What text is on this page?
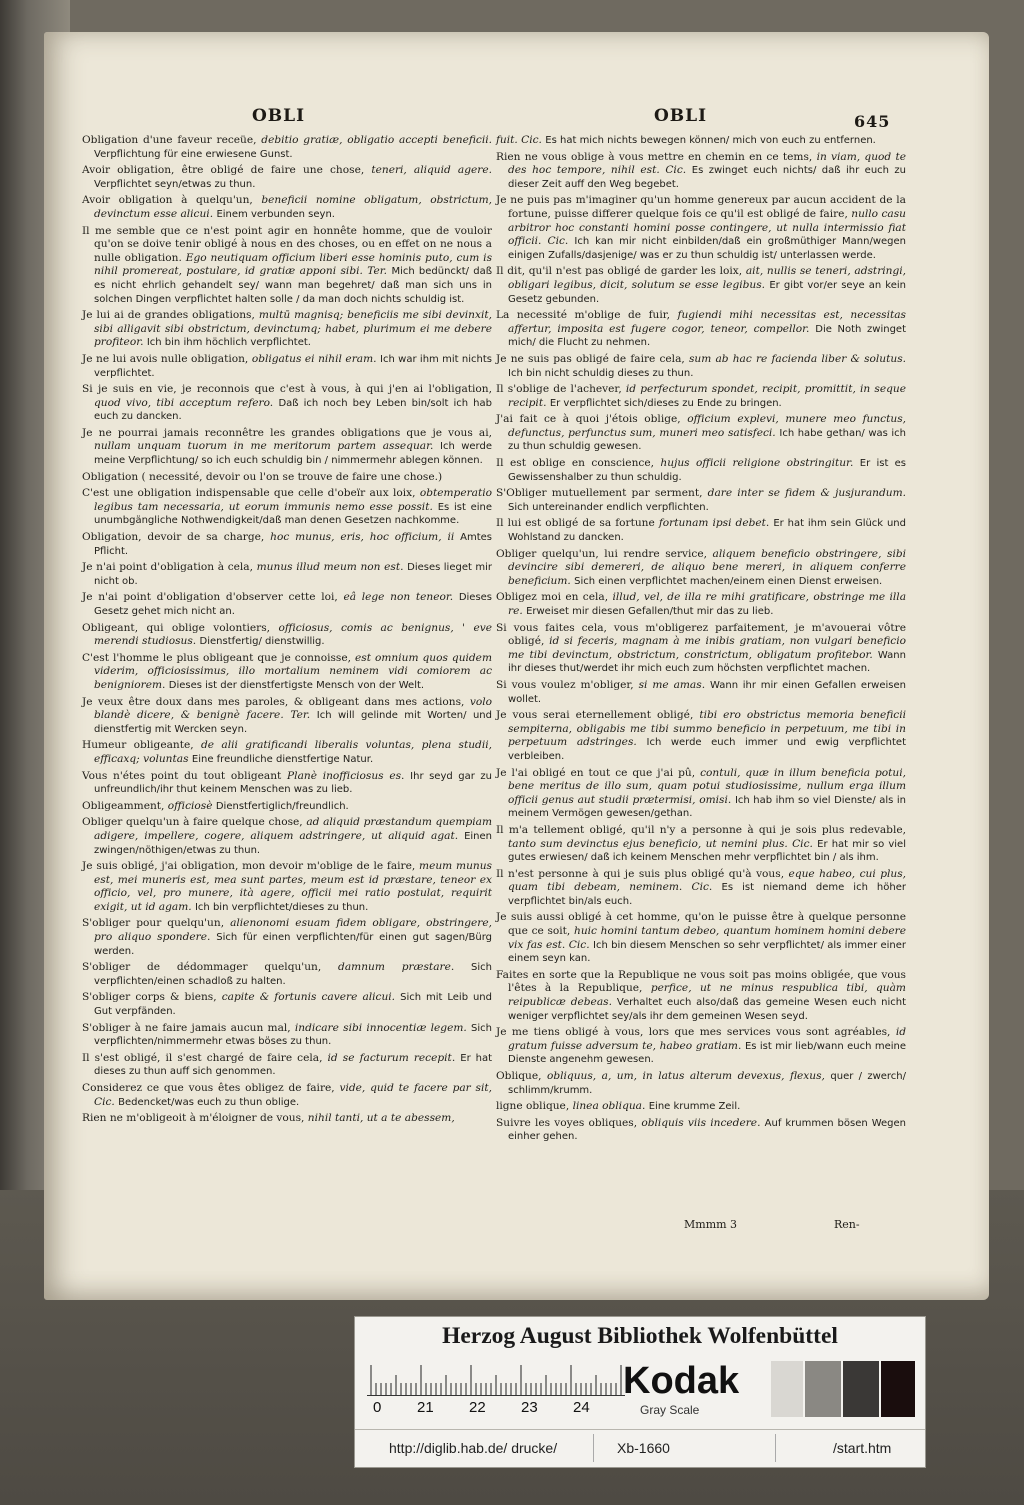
OBLI	OBLI	645

Obligation d'une faveur receüe, debitio gratiæ, obligatio accepti beneficii. Verpflichtung für eine erwiesene Gunst.

Avoir obligation, être obligé de faire une chose, teneri, aliquid agere. Verpflichtet seyn/etwas zu thun.

Avoir obligation à quelqu'un, beneficii nomine obligatum, obstrictum, devinctum esse alicui. Einem verbunden seyn.

Il me semble que ce n'est point agir en honnête homme, que de vouloir qu'on se doive tenir obligé à nous en des choses, ou en effet on ne nous a nulle obligation. Ego neutiquam officium liberi esse hominis puto, cum is nihil promereat, postulare, id gratiæ apponi sibi. Ter. Mich bedünckt/ daß es nicht ehrlich gehandelt sey/ wann man begehret/ daß man sich uns in solchen Dingen verpflichtet halten solle / da man doch nichts schuldig ist.

Je lui ai de grandes obligations, multū magnisq; beneficiis me sibi devinxit, sibi alligavit sibi obstrictum, devinctumq; habet, plurimum ei me debere profiteor. Ich bin ihm höchlich verpflichtet.

Je ne lui avois nulle obligation, obligatus ei nihil eram. Ich war ihm mit nichts verpflichtet.

Si je suis en vie, je reconnois que c'est à vous, à qui j'en ai l'obligation, quod vivo, tibi acceptum refero. Daß ich noch bey Leben bin/solt ich hab euch zu dancken.

Je ne pourrai jamais reconnêtre les grandes obligations que je vous ai, nullam unquam tuorum in me meritorum partem assequar. Ich werde meine Verpflichtung/ so ich euch schuldig bin / nimmermehr ablegen können.

Obligation ( necessité, devoir ou l'on se trouve de faire une chose.)

C'est une obligation indispensable que celle d'obeïr aux loix, obtemperatio legibus tam necessaria, ut eorum immunis nemo esse possit. Es ist eine unumbgängliche Nothwendigkeit/daß man denen Gesetzen nachkomme.

Obligation, devoir de sa charge, hoc munus, eris, hoc officium, ii Amtes Pflicht.

Je n'ai point d'obligation à cela, munus illud meum non est. Dieses lieget mir nicht ob.

Je n'ai point d'obligation d'observer cette loi, eâ lege non teneor. Dieses Gesetz gehet mich nicht an.

Obligeant, qui oblige volontiers, officiosus, comis ac benignus, ' eve merendi studiosus. Dienstfertig/ dienstwillig.

C'est l'homme le plus obligeant que je connoisse, est omnium quos quidem viderim, officiosissimus, illo mortalium neminem vidi comiorem ac benigniorem. Dieses ist der dienstfertigste Mensch von der Welt.

Je veux être doux dans mes paroles, & obligeant dans mes actions, volo blandè dicere, & benignè facere. Ter. Ich will gelinde mit Worten/ und dienstfertig mit Wercken seyn.

Humeur obligeante, de alii gratificandi liberalis voluntas, plena studii, efficaxq; voluntas Eine freundliche dienstfertige Natur.

Vous n'étes point du tout obligeant Planè inofficiosus es. Ihr seyd gar zu unfreundlich/ihr thut keinem Menschen was zu lieb.

Obligeamment, officiosè Dienstfertiglich/freundlich.

Obliger quelqu'un à faire quelque chose, ad aliquid præstandum quempiam adigere, impellere, cogere, aliquem adstringere, ut aliquid agat. Einen zwingen/nöthigen/etwas zu thun.

Je suis obligé, j'ai obligation, mon devoir m'oblige de le faire, meum munus est, mei muneris est, mea sunt partes, meum est id præstare, teneor ex officio, vel, pro munere, ità agere, officii mei ratio postulat, requirit exigit, ut id agam. Ich bin verpflichtet/dieses zu thun.

S'obliger pour quelqu'un, alienonomi esuam fidem obligare, obstringere, pro aliquo spondere. Sich für einen verpflichten/für einen gut sagen/Bürg werden.

S'obliger de dédommager quelqu'un, damnum præstare. Sich verpflichten/einen schadloß zu halten.

S'obliger corps & biens, capite & fortunis cavere alicui. Sich mit Leib und Gut verpfänden.

S'obliger à ne faire jamais aucun mal, indicare sibi innocentiæ legem. Sich verpflichten/nimmermehr etwas böses zu thun.

Il s'est obligé, il s'est chargé de faire cela, id se facturum recepit. Er hat dieses zu thun auff sich genommen.

Considerez ce que vous êtes obligez de faire, vide, quid te facere par sit, Cic. Bedencket/was euch zu thun oblige.

Rien ne m'obligeoit à m'éloigner de vous, nihil tanti, ut a te abessem,

fuit. Cic. Es hat mich nichts bewegen können/ mich von euch zu entfernen.

Rien ne vous oblige à vous mettre en chemin en ce tems, in viam, quod te des hoc tempore, nihil est. Cic. Es zwinget euch nichts/ daß ihr euch zu dieser Zeit auff den Weg begebet.

Je ne puis pas m'imaginer qu'un homme genereux par aucun accident de la fortune, puisse differer quelque fois ce qu'il est obligé de faire, nullo casu arbitror hoc constanti homini posse contingere, ut nulla intermissio fiat officii. Cic. Ich kan mir nicht einbilden/daß ein großmüthiger Mann/wegen einigen Zufalls/dasjenige/ was er zu thun schuldig ist/ unterlassen werde.

Il dit, qu'il n'est pas obligé de garder les loix, ait, nullis se teneri, adstringi, obligari legibus, dicit, solutum se esse legibus. Er gibt vor/er seye an kein Gesetz gebunden.

La necessité m'oblige de fuir, fugiendi mihi necessitas est, necessitas affertur, imposita est fugere cogor, teneor, compellor. Die Noth zwinget mich/ die Flucht zu nehmen.

Je ne suis pas obligé de faire cela, sum ab hac re facienda liber & solutus. Ich bin nicht schuldig dieses zu thun.

Il s'oblige de l'achever, id perfecturum spondet, recipit, promittit, in seque recipit. Er verpflichtet sich/dieses zu Ende zu bringen.

J'ai fait ce à quoi j'étois oblige, officium explevi, munere meo functus, defunctus, perfunctus sum, muneri meo satisfeci. Ich habe gethan/ was ich zu thun schuldig gewesen.

Il est oblige en conscience, hujus officii religione obstringitur. Er ist es Gewissenshalber zu thun schuldig.

S'Obliger mutuellement par serment, dare inter se fidem & jusjurandum. Sich untereinander endlich verpflichten.

Il lui est obligé de sa fortune fortunam ipsi debet. Er hat ihm sein Glück und Wohlstand zu dancken.

Obliger quelqu'un, lui rendre service, aliquem beneficio obstringere, sibi devincire sibi demereri, de aliquo bene mereri, in aliquem conferre beneficium. Sich einen verpflichtet machen/einem einen Dienst erweisen.

Obligez moi en cela, illud, vel, de illa re mihi gratificare, obstringe me illa re. Erweiset mir diesen Gefallen/thut mir das zu lieb.

Si vous faites cela, vous m'obligerez parfaitement, je m'avouerai vôtre obligé, id si feceris, magnam à me inibis gratiam, non vulgari beneficio me tibi devinctum, obstrictum, constrictum, obligatum profitebor. Wann ihr dieses thut/werdet ihr mich euch zum höchsten verpflichtet machen.

Si vous voulez m'obliger, si me amas. Wann ihr mir einen Gefallen erweisen wollet.

Je vous serai eternellement obligé, tibi ero obstrictus memoria beneficii sempiterna, obligabis me tibi summo beneficio in perpetuum, me tibi in perpetuum adstringes. Ich werde euch immer und ewig verpflichtet verbleiben.

Je l'ai obligé en tout ce que j'ai pû, contuli, quæ in illum beneficia potui, bene meritus de illo sum, quam potui studiosissime, nullum erga illum officii genus aut studii prætermisi, omisi. Ich hab ihm so viel Dienste/ als in meinem Vermögen gewesen/gethan.

Il m'a tellement obligé, qu'il n'y a personne à qui je sois plus redevable, tanto sum devinctus ejus beneficio, ut nemini plus. Cic. Er hat mir so viel gutes erwiesen/ daß ich keinem Menschen mehr verpflichtet bin / als ihm.

Il n'est personne à qui je suis plus obligé qu'à vous, eque habeo, cui plus, quam tibi debeam, neminem. Cic. Es ist niemand deme ich höher verpflichtet bin/als euch.

Je suis aussi obligé à cet homme, qu'on le puisse être à quelque personne que ce soit, huic homini tantum debeo, quantum hominem homini debere vix fas est. Cic. Ich bin diesem Menschen so sehr verpflichtet/ als immer einer einem seyn kan.

Faites en sorte que la Republique ne vous soit pas moins obligée, que vous l'êtes à la Republique, perfice, ut ne minus respublica tibi, quàm reipublicæ debeas. Verhaltet euch also/daß das gemeine Wesen euch nicht weniger verpflichtet sey/als ihr dem gemeinen Wesen seyd.

Je me tiens obligé à vous, lors que mes services vous sont agréables, id gratum fuisse adversum te, habeo gratiam. Es ist mir lieb/wann euch meine Dienste angenehm gewesen.

Oblique, obliquus, a, um, in latus alterum devexus, flexus, quer / zwerch/ schlimm/krumm.

ligne oblique, linea obliqua. Eine krumme Zeil.

Suivre les voyes obliques, obliquis viis incedere. Auf krummen bösen Wegen einher gehen.

Mmmm 3	Ren-
Herzog August Bibliothek Wolfenbüttel
0 21 22 23 24
Kodak
Gray Scale
http://diglib.hab.de/ drucke/	Xb-1660	/start.htm
